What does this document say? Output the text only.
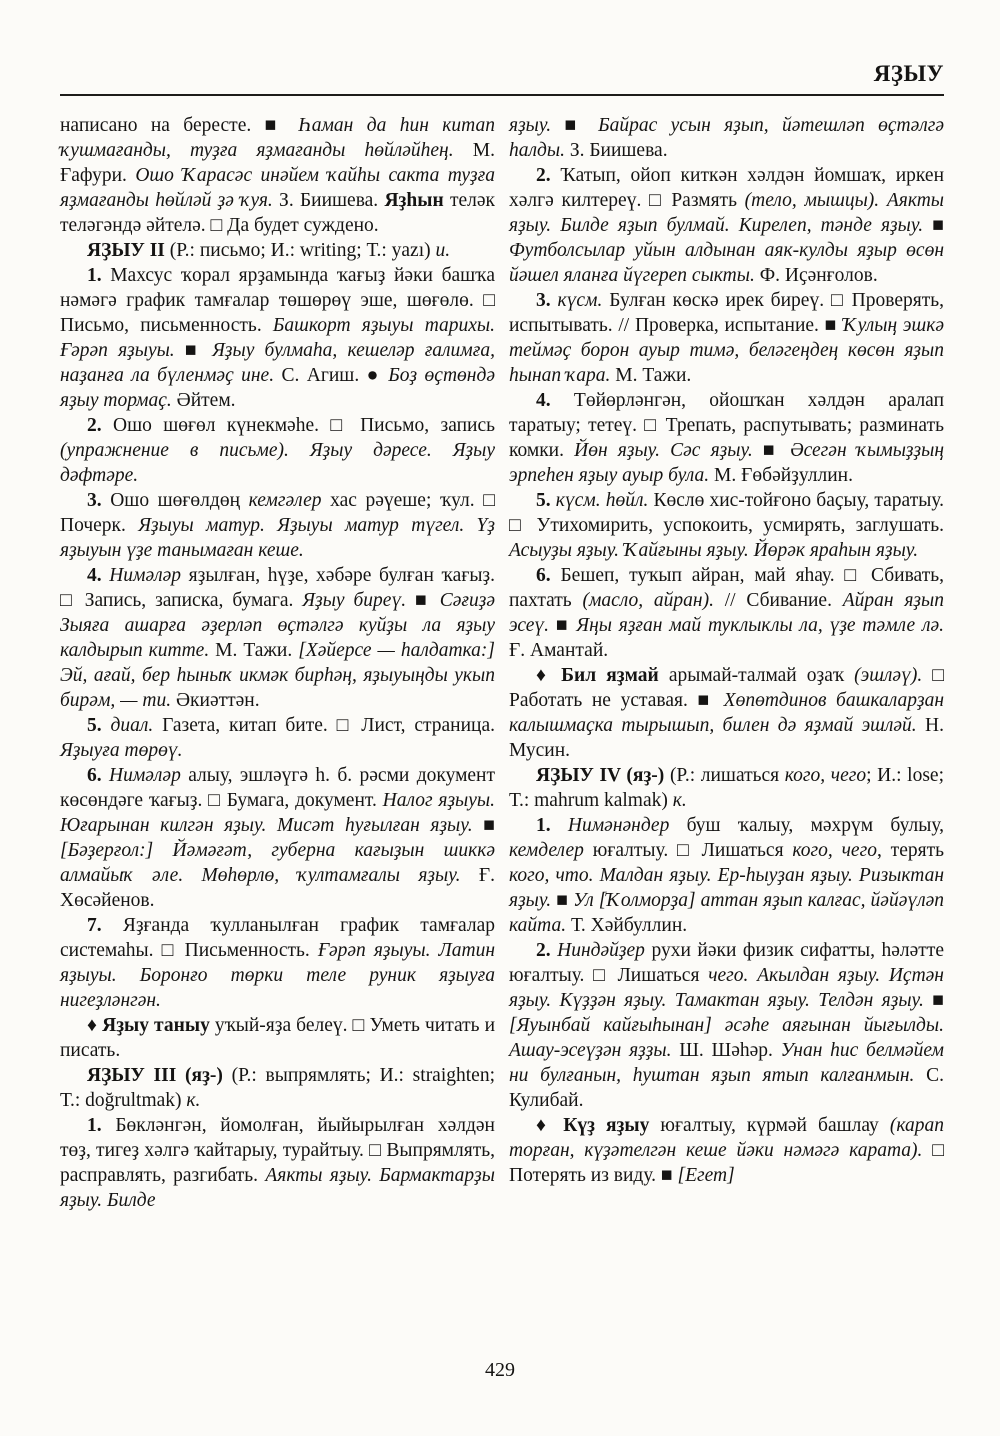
ЯҘЫУ

написано на бересте. ■ Һаман да һин китап ҡушмағанды, туҙға яҙмағанды һөйләйһең. М. Ғафури. Ошо Ҡарасәс инәйем ҡайһы сакта туҙға яҙмағанды һөйләй ҙә ҡуя. З. Биишева. Яҙһын теләк теләгәндә әйтелә. □ Да будет суждено.

ЯҘЫУ II (Р.: письмо; И.: writing; Т.: yazı) и.

1. Махсус ҡорал ярҙамында ҡағыҙ йәки башҡа нәмәгә график тамғалар төшөрөү эше, шөғөлө. □ Письмо, письменность. Башкорт яҙыуы тарихы. Ғәрәп яҙыуы. ■ Яҙыу булмаһа, кешеләр ғалимға, наҙанға ла бүленмәҫ ине. С. Агиш. ● Боҙ өҫтөндә яҙыу тормаҫ. Әйтем.

2. Ошо шөғөл күнекмәһе. □ Письмо, запись (упражнение в письме). Яҙыу дәресе. Яҙыу дәфтәре.

3. Ошо шөғөлдөң кемгәлер хас рәүеше; ҡул. □ Почерк. Яҙыуы матур. Яҙыуы матур түгел. Үҙ яҙыуын үҙе танымаған кеше.

4. Нимәләр яҙылған, һүҙе, хәбәре булған ҡағыҙ. □ Запись, записка, бумага. Яҙыу биреү. ■ Сәғиҙә Зыяға ашарға әҙерләп өҫтәлгә куйҙы ла яҙыу калдырып китте. М. Тажи. [Хәйерсе — һалдатка:] Эй, ағай, бер һыныҡ икмәк бирһәң, яҙыуыңды укып бирәм, — ти. Әкиәттән.

5. диал. Газета, китап бите. □ Лист, страница. Яҙыуға төрөү.

6. Нимәләр алыу, эшләүгә һ. б. рәсми документ көсөндәге ҡағыҙ. □ Бумага, документ. Налог яҙыуы. Юғарынан килгән яҙыу. Мисәт һуғылған яҙыу. ■ [Бәҙерғол:] Йәмәғәт, губерна кағыҙын шиккә алмайыҡ әле. Мөһөрлө, ҡултамғалы яҙыу. Ғ. Хөсәйенов.

7. Яҙғанда ҡулланылған график тамғалар системаһы. □ Письменность. Ғәрәп яҙыуы. Латин яҙыуы. Боронғо төрки теле руник яҙыуға нигеҙләнгән.

♦ Яҙыу таныу уҡый-яҙа белеү. □ Уметь читать и писать.

ЯҘЫУ III (яҙ-) (Р.: выпрямлять; И.: straighten; Т.: doğrultmak) к.

1. Бөкләнгән, йомолған, йыйырылған хәлдән төҙ, тигеҙ хәлгә ҡайтарыу, турайтыу. □ Выпрямлять, расправлять, разгибать. Аякты яҙыу. Бармактарҙы яҙыу. Билде

яҙыу. ■ Байрас усын яҙып, йәтешләп өҫтәлгә һалды. З. Биишева.

2. Ҡатып, ойоп киткән хәлдән йомшаҡ, иркен хәлгә килтереү. □ Размять (тело, мышцы). Аякты яҙыу. Билде яҙып булмай. Кирелеп, тәнде яҙыу. ■ Футболсылар уйын алдынан аяк-кулды яҙыр өсөн йәшел яланға йүгереп сыкты. Ф. Иҫәнғолов.

3. күсм. Булған көскә ирек биреү. □ Проверять, испытывать. // Проверка, испытание. ■ Ҡулың эшкә теймәҫ борон ауыр тимә, беләгеңдең көсөн яҙып һынап ҡара. М. Тажи.

4. Төйөрләнгән, ойошҡан хәлдән аралап таратыу; тетеү. □ Трепать, распутывать; разминать комки. Йөн яҙыу. Сәс яҙыу. ■ Әсегән ҡымыҙҙың эрпеһен яҙыу ауыр була. М. Ғөбәйҙуллин.

5. күсм. һөйл. Көслө хис-тойғоно баҫыу, таратыу. □ Утихомирить, успокоить, усмирять, заглушать. Асыуҙы яҙыу. Ҡайғыны яҙыу. Йөрәк яраһын яҙыу.

6. Бешеп, туҡып айран, май яһау. □ Сбивать, пахтать (масло, айран). // Сбивание. Айран яҙып эсеү. ■ Яңы яҙған май туклыклы ла, үҙе тәмле лә. Ғ. Амантай.

♦ Бил яҙмай арымай-талмай оҙаҡ (эшләү). □ Работать не уставая. ■ Хөпөтдинов башкаларҙан калышмаҫка тырышып, билен дә яҙмай эшләй. Н. Мусин.

ЯҘЫУ IV (яҙ-) (Р.: лишаться кого, чего; И.: lose; Т.: mahrum kalmak) к.

1. Нимәнәндер буш ҡалыу, мәхрүм булыу, кемделер юғалтыу. □ Лишаться кого, чего, терять кого, что. Малдан яҙыу. Ер-һыуҙан яҙыу. Ризыктан яҙыу. ■ Ул [Ҡолморҙа] аттан яҙып калғас, йәйәүләп кайта. Т. Хәйбуллин.

2. Ниндәйҙер рухи йәки физик сифатты, һәләтте юғалтыу. □ Лишаться чего. Акылдан яҙыу. Иҫтән яҙыу. Күҙҙән яҙыу. Тамактан яҙыу. Телдән яҙыу. ■ [Яуынбай кайғыһынан] әсәһе аяғынан йығылды. Ашау-эсеүҙән яҙҙы. Ш. Шәһәр. Унан һис белмәйем ни булғанын, һуштан яҙып ятып калғанмын. С. Кулибай.

♦ Күҙ яҙыу юғалтыу, күрмәй башлау (карап торған, күҙәтелгән кеше йәки нәмәгә карата). □ Потерять из виду. ■ [Егет]

429
